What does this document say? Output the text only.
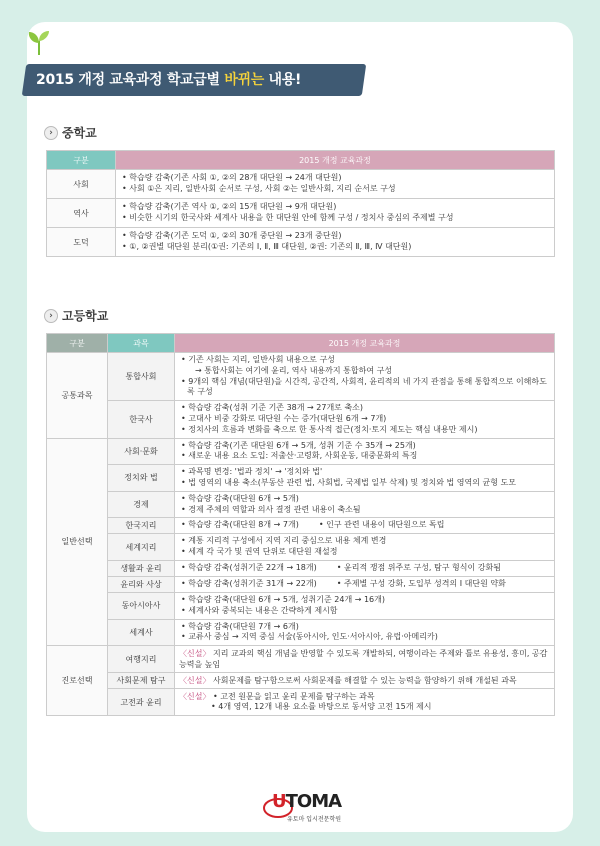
2015 개정 교육과정 학교급별 바뀌는 내용!
› 중학교
구분	2015 개정 교육과정
사회	• 학습량 감축(기존 사회 ①, ②의 28개 대단원 → 24개 대단원)
• 사회 ①은 지리, 일반사회 순서로 구성, 사회 ②는 일반사회, 지리 순서로 구성

역사	• 학습량 감축(기존 역사 ①, ②의 15개 대단원 → 9개 대단원)
• 비슷한 시기의 한국사와 세계사 내용을 한 대단원 안에 함께 구성 / 정치사 중심의 주제별 구성

도덕	• 학습량 감축(기존 도덕 ①, ②의 30개 중단원 → 23개 중단원)
• ①, ②권별 대단원 분리(①권: 기존의 Ⅰ, Ⅱ, Ⅲ 대단원, ②권: 기존의 Ⅱ, Ⅲ, Ⅳ 대단원)
› 고등학교
구분	과목	2015 개정 교육과정
공통과목	통합사회	• 기존 사회는 지리, 일반사회 내용으로 구성
→ 통합사회는 여기에 윤리, 역사 내용까지 통합하여 구성
• 9개의 핵심 개념(대단원)을 시간적, 공간적, 사회적, 윤리적의 네 가지 관점을 통해 통합적으로 이해하도록 구성

	한국사	• 학습량 감축(성취 기준 기존 38개 → 27개로 축소)
• 고대사 비중 강화로 대단원 수는 증가(대단원 6개 → 7개)
• 정치사의 흐름과 변화를 축으로 한 통사적 접근(정치·토지 제도는 핵심 내용만 제시)

일반선택	사회·문화	• 학습량 감축(기존 대단원 6개 → 5개, 성취 기준 수 35개 → 25개)
• 새로운 내용 요소 도입: 저출산·고령화, 사회운동, 대중문화의 특징

	정치와 법	• 과목명 변경: '법과 정치' → '정치와 법'
• 법 영역의 내용 축소(부동산 관련 법, 사회법, 국제법 일부 삭제) 및 정치와 법 영역의 균형 도모

	경제	• 학습량 감축(대단원 6개 → 5개)
• 경제 주체의 역할과 의사 결정 관련 내용이 축소됨

	한국지리	• 학습량 감축(대단원 8개 → 7개) • 인구 관련 내용이 대단원으로 독립

	세계지리	• 계통 지리적 구성에서 지역 지리 중심으로 내용 체계 변경
• 세계 각 국가 및 권역 단위로 대단원 재설정

	생활과 윤리	• 학습량 감축(성취기준 22개 → 18개) • 윤리적 쟁점 위주로 구성, 탐구 형식이 강화됨

	윤리와 사상	• 학습량 감축(성취기준 31개 → 22개) • 주제별 구성 강화, 도입부 성격의 Ⅰ 대단원 약화

	동아시아사	• 학습량 감축(대단원 6개 → 5개, 성취기준 24개 → 16개)
• 세계사와 중복되는 내용은 간략하게 제시함

	세계사	• 학습량 감축(대단원 7개 → 6개)
• 교류사 중심 → 지역 중심 서술(동아시아, 인도·서아시아, 유럽·아메리카)

진로선택	여행지리	〈신설〉 지리 교과의 핵심 개념을 반영할 수 있도록 개발하되, 여행이라는 주제와 틀로 유용성, 흥미, 공감 능력을 높임
	사회문제 탐구	〈신설〉 사회문제를 탐구함으로써 사회문제를 해결할 수 있는 능력을 함양하기 위해 개설된 과목
	고전과 윤리	〈신설〉 • 고전 원문을 읽고 윤리 문제를 탐구하는 과목

• 4개 영역, 12개 내용 요소를 바탕으로 동서양 고전 15개 제시
UTOMA
유토마 입시전문학원
